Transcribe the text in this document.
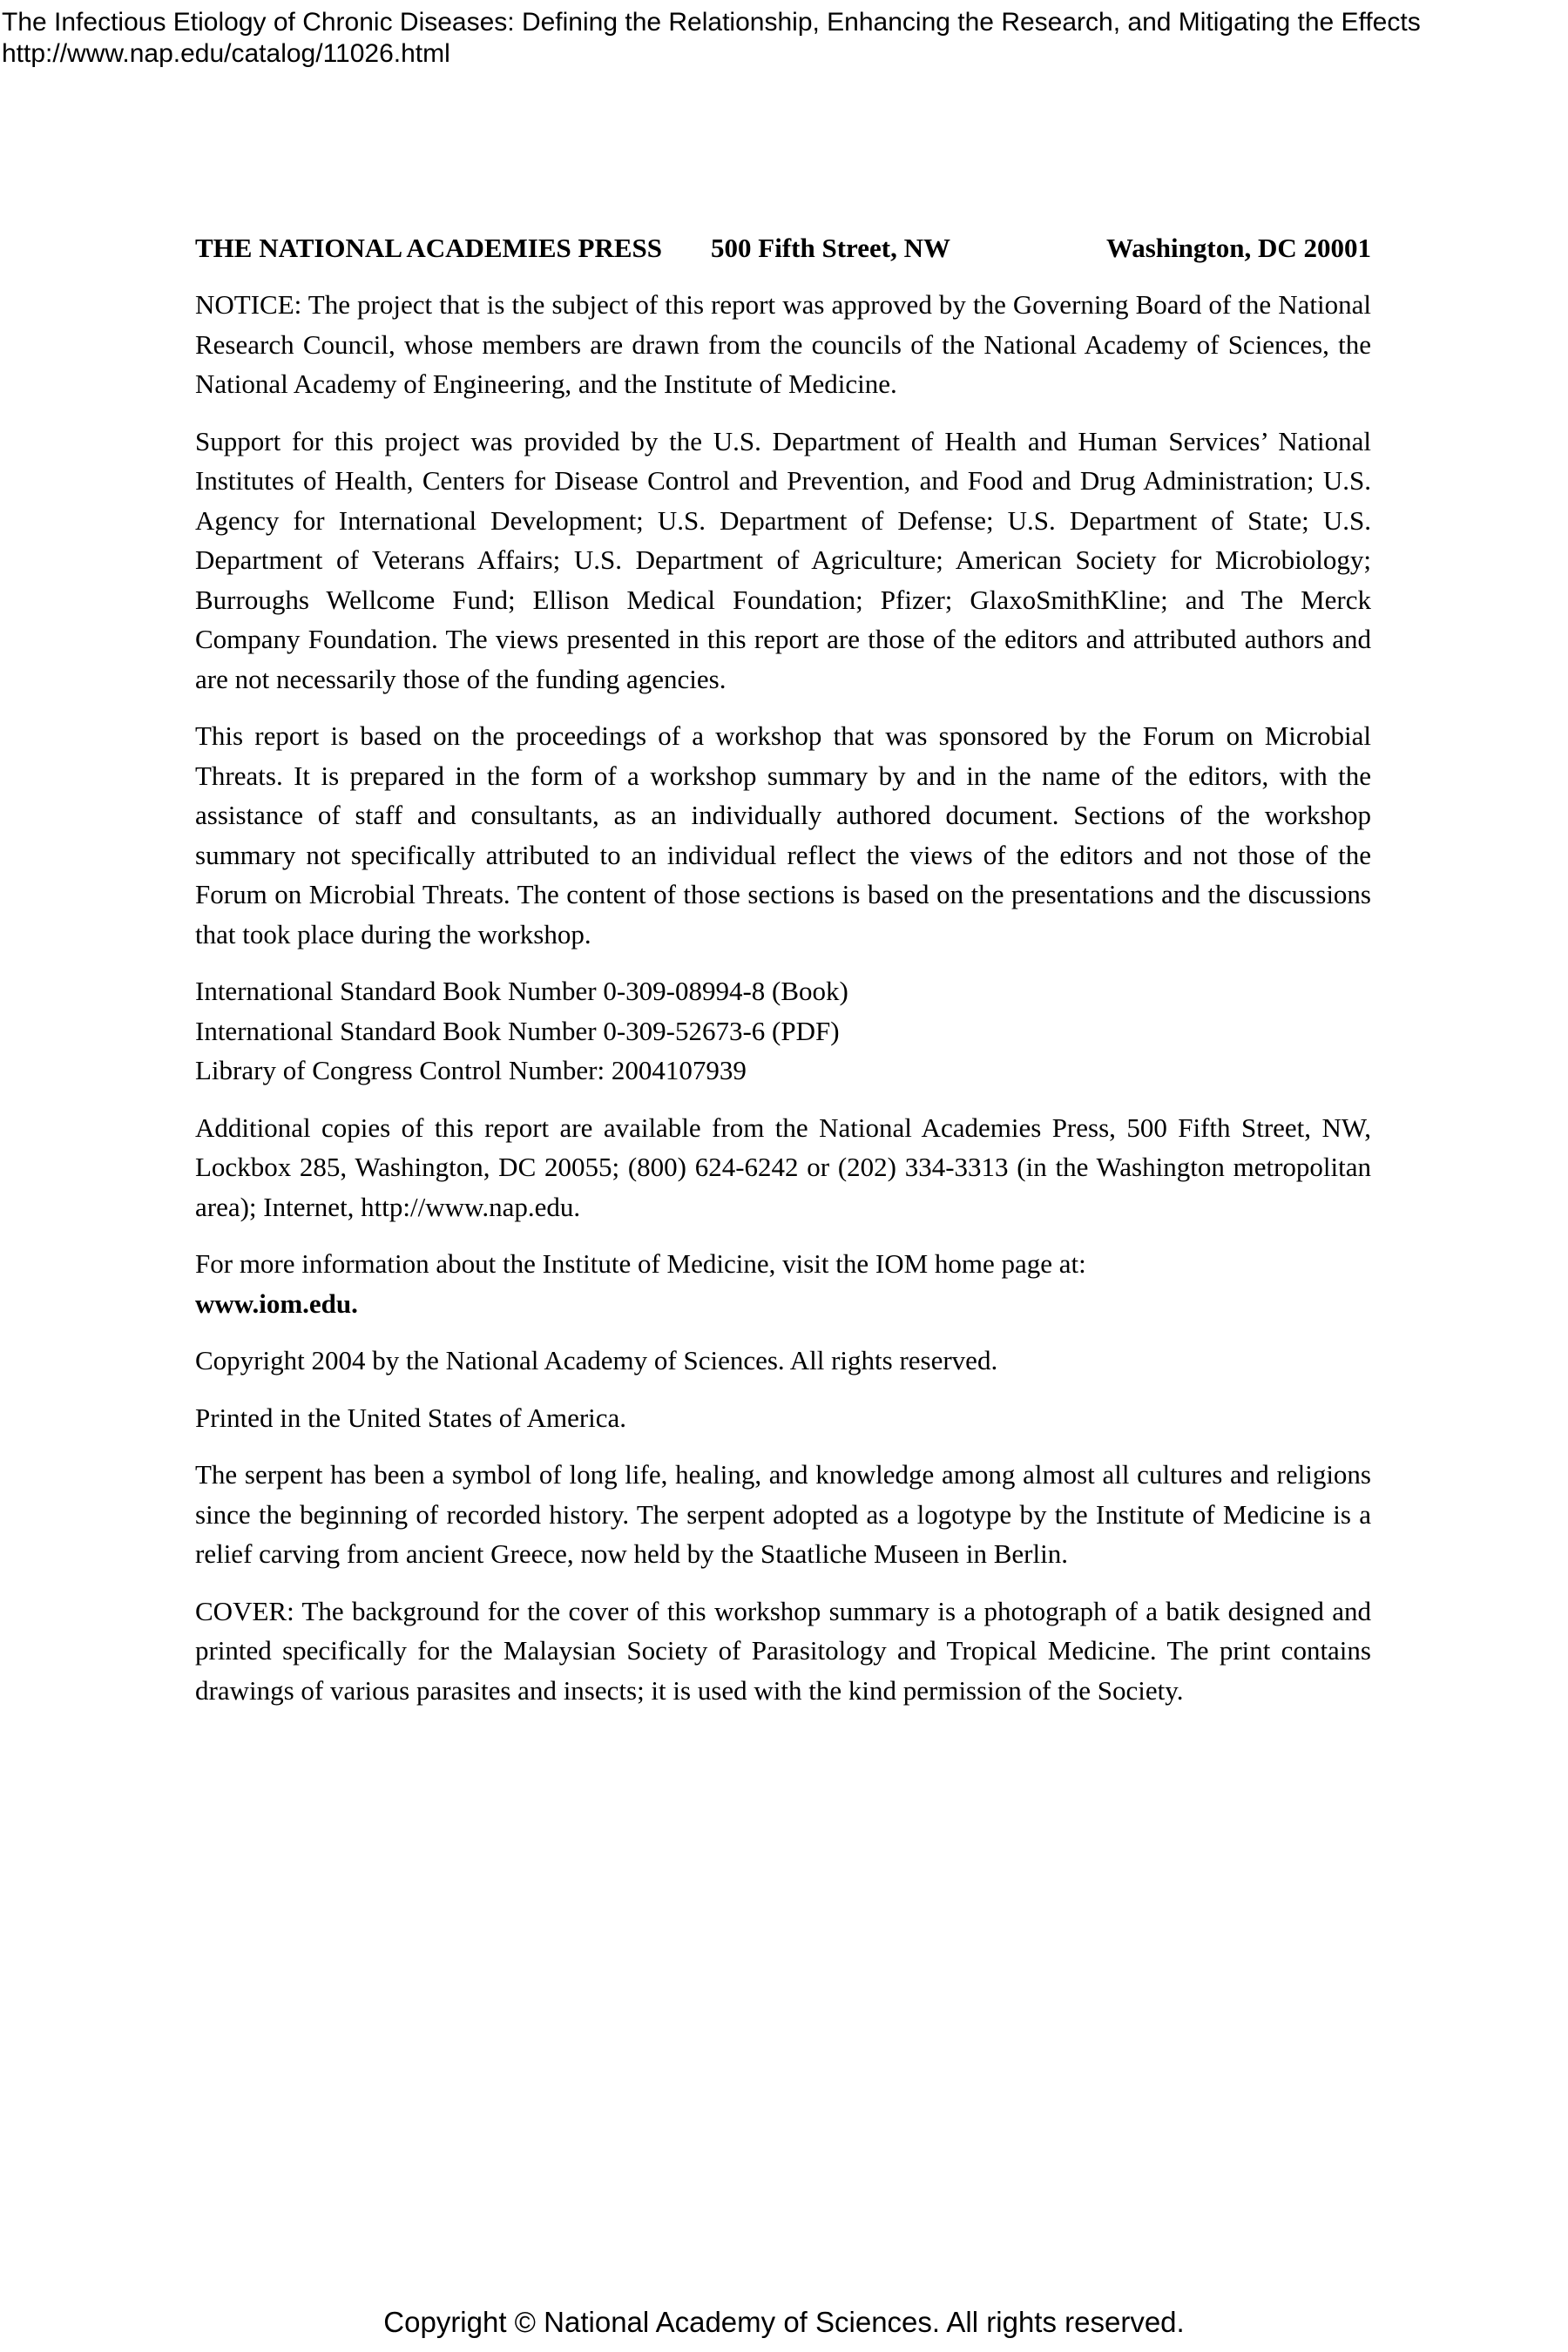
The Infectious Etiology of Chronic Diseases: Defining the Relationship, Enhancing the Research, and Mitigating the Effects
http://www.nap.edu/catalog/11026.html
THE NATIONAL ACADEMIES PRESS 500 Fifth Street, NW	Washington, DC 20001

NOTICE: The project that is the subject of this report was approved by the Governing Board of the National Research Council, whose members are drawn from the councils of the National Academy of Sciences, the National Academy of Engineering, and the Institute of Medicine.

Support for this project was provided by the U.S. Department of Health and Human Services’ National Institutes of Health, Centers for Disease Control and Prevention, and Food and Drug Administration; U.S. Agency for International Development; U.S. Department of Defense; U.S. Department of State; U.S. Department of Veterans Affairs; U.S. Department of Agriculture; American Society for Microbiology; Burroughs Wellcome Fund; Ellison Medical Foundation; Pfizer; GlaxoSmithKline; and The Merck Company Foundation. The views presented in this report are those of the editors and attributed authors and are not necessarily those of the funding agencies.

This report is based on the proceedings of a workshop that was sponsored by the Forum on Microbial Threats. It is prepared in the form of a workshop summary by and in the name of the editors, with the assistance of staff and consultants, as an individually authored document. Sections of the workshop summary not specifically attributed to an individual reflect the views of the editors and not those of the Forum on Microbial Threats. The content of those sections is based on the presentations and the discussions that took place during the workshop.

International Standard Book Number 0-309-08994-8 (Book)
International Standard Book Number 0-309-52673-6 (PDF)
Library of Congress Control Number: 2004107939

Additional copies of this report are available from the National Academies Press, 500 Fifth Street, NW, Lockbox 285, Washington, DC 20055; (800) 624-6242 or (202) 334-3313 (in the Washington metropolitan area); Internet, http://www.nap.edu.

For more information about the Institute of Medicine, visit the IOM home page at:
www.iom.edu.

Copyright 2004 by the National Academy of Sciences. All rights reserved.

Printed in the United States of America.

The serpent has been a symbol of long life, healing, and knowledge among almost all cultures and religions since the beginning of recorded history. The serpent adopted as a logotype by the Institute of Medicine is a relief carving from ancient Greece, now held by the Staatliche Museen in Berlin.

COVER: The background for the cover of this workshop summary is a photograph of a batik designed and printed specifically for the Malaysian Society of Parasitology and Tropical Medicine. The print contains drawings of various parasites and insects; it is used with the kind permission of the Society.

Copyright © National Academy of Sciences. All rights reserved.
